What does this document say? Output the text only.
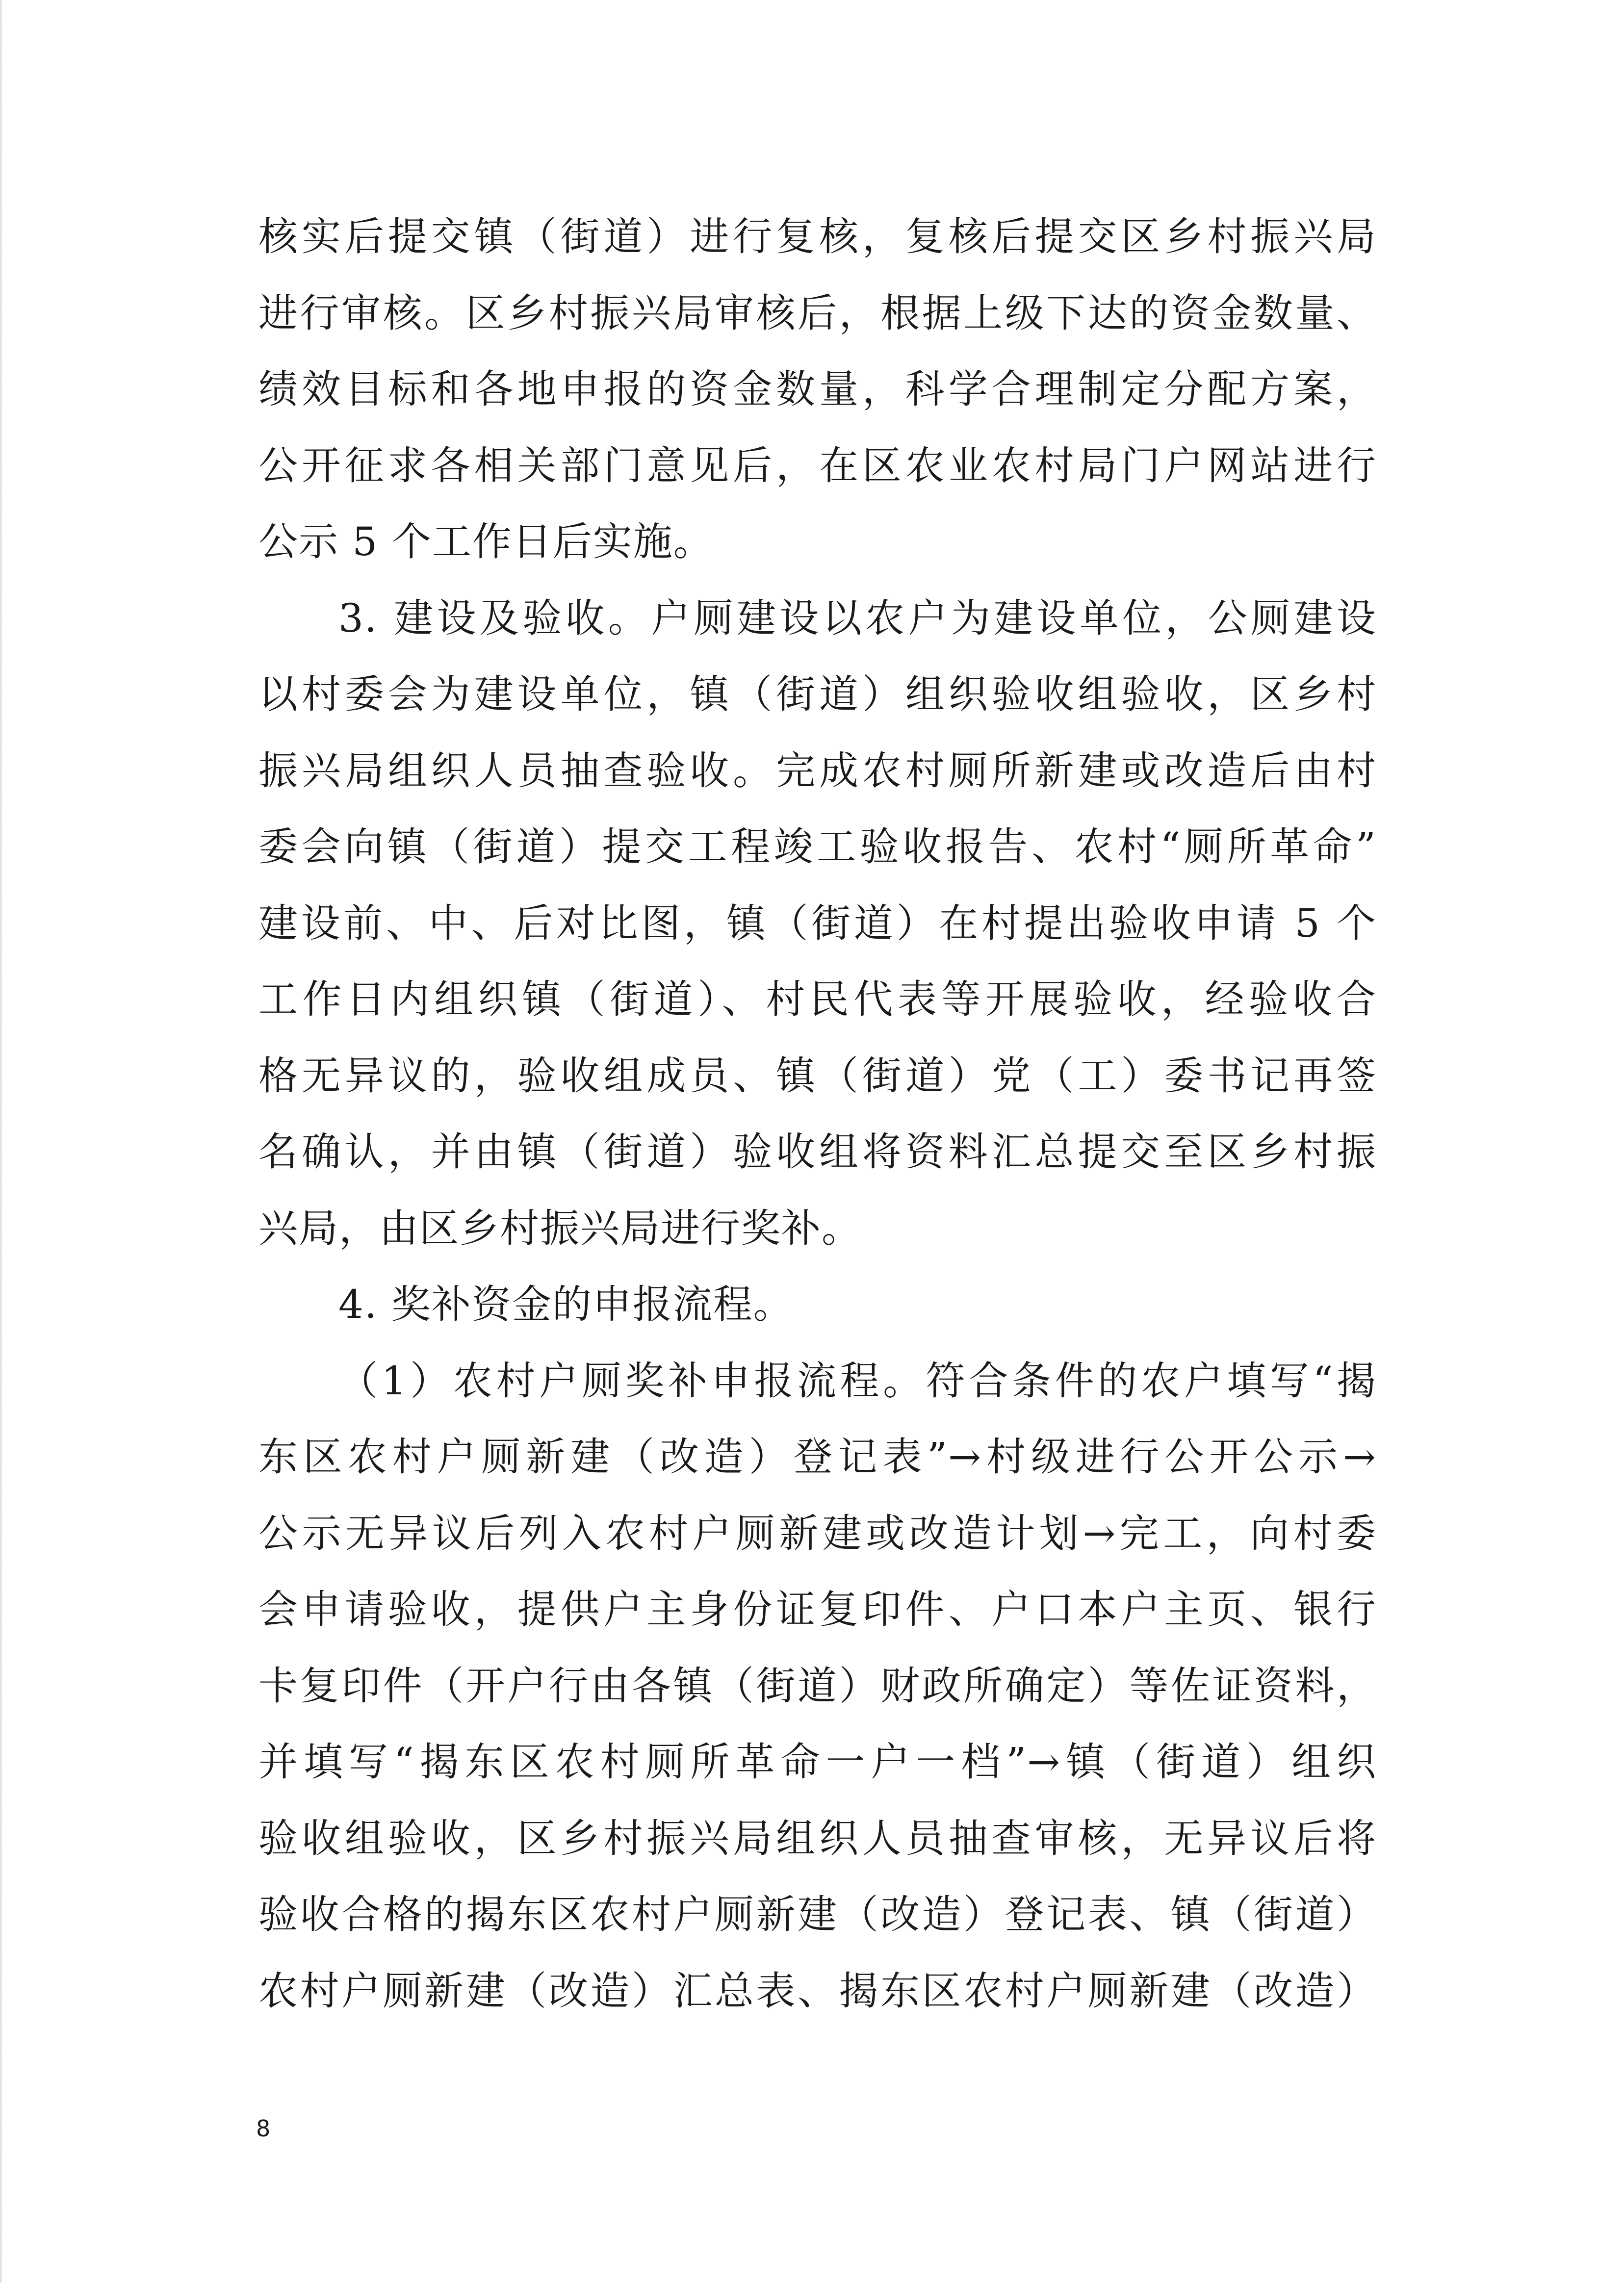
核实后提交镇（街道）进行复核，复核后提交区乡村振兴局
进行审核。区乡村振兴局审核后，根据上级下达的资金数量、
绩效目标和各地申报的资金数量，科学合理制定分配方案，
公开征求各相关部门意见后，在区农业农村局门户网站进行
公示 5 个工作日后实施。
3. 建设及验收。户厕建设以农户为建设单位，公厕建设
以村委会为建设单位，镇（街道）组织验收组验收，区乡村
振兴局组织人员抽查验收。完成农村厕所新建或改造后由村
委会向镇（街道）提交工程竣工验收报告、农村“厕所革命”
建设前、中、后对比图，镇（街道）在村提出验收申请 5 个
工作日内组织镇（街道）、村民代表等开展验收，经验收合
格无异议的，验收组成员、镇（街道）党（工）委书记再签
名确认，并由镇（街道）验收组将资料汇总提交至区乡村振
兴局，由区乡村振兴局进行奖补。
4. 奖补资金的申报流程。
（1）农村户厕奖补申报流程。符合条件的农户填写“揭
东区农村户厕新建（改造）登记表”→村级进行公开公示→
公示无异议后列入农村户厕新建或改造计划→完工，向村委
会申请验收，提供户主身份证复印件、户口本户主页、银行
卡复印件（开户行由各镇（街道）财政所确定）等佐证资料，
并填写“揭东区农村厕所革命一户一档”→镇（街道）组织
验收组验收，区乡村振兴局组织人员抽查审核，无异议后将
验收合格的揭东区农村户厕新建（改造）登记表、镇（街道）
农村户厕新建（改造）汇总表、揭东区农村户厕新建（改造）
8
